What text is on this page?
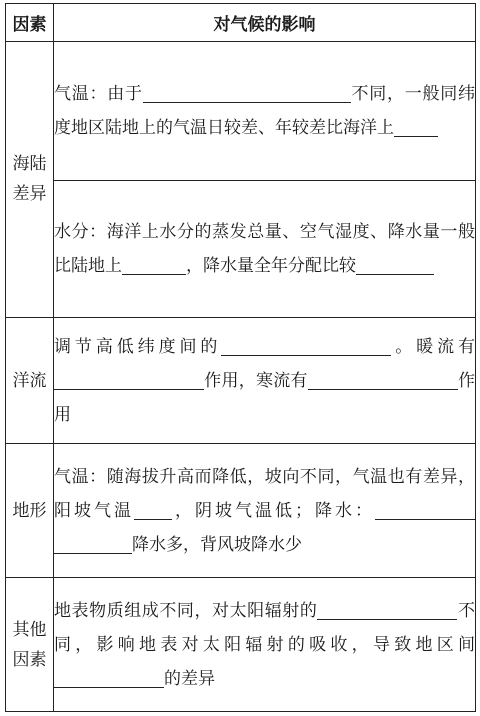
因素	对气候的影响
海陆差异	气温：由于 不同，一般同纬度地区陆地上的气温日较差、年较差比海洋上
	水分：海洋上水分的蒸发总量、空气湿度、降水量一般比陆地上 ，降水量全年分配比较
洋流	调节高低纬度间的 。暖流有作用，寒流有 作用
地形	气温：随海拔升高而降低，坡向不同，气温也有差异，阳坡气温 ，阴坡气温低；降水：降水多，背风坡降水少
其他因素	地表物质组成不同，对太阳辐射的 不同，影响地表对太阳辐射的吸收，导致地区间的差异
